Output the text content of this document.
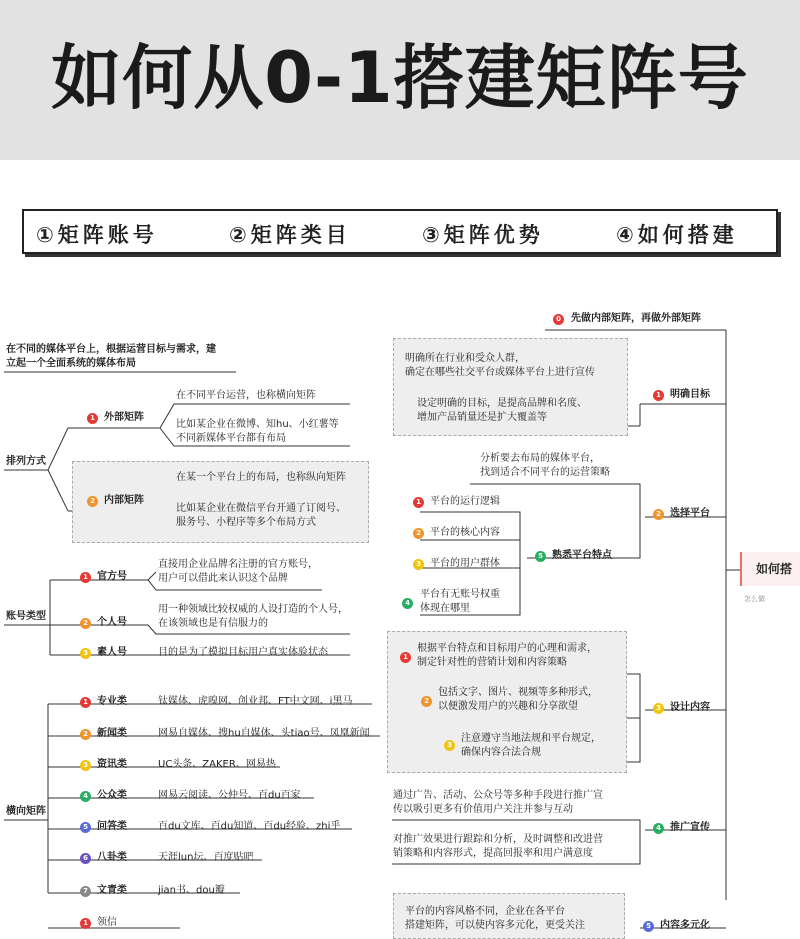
如何从0-1搭建矩阵号
①矩阵账号	②矩阵类目	③矩阵优势	④如何搭建
在不同的媒体平台上，根据运营目标与需求，建
立起一个全面系统的媒体布局
排列方式
1 外部矩阵
在不同平台运营，也称横向矩阵
比如某企业在微博、知hu、小红薯等
不同新媒体平台都有布局
2 内部矩阵
在某一个平台上的布局，也称纵向矩阵
比如某企业在微信平台开通了订阅号、
服务号、小程序等多个布局方式
账号类型
1 官方号
直接用企业品牌名注册的官方账号，
用户可以借此来认识这个品牌
2 个人号
用一种领域比较权威的人设打造的个人号，
在该领域也是有信服力的
3 素人号	目的是为了模拟目标用户真实体验状态
横向矩阵
1 专业类	钛媒体、虎嗅网、创业邦、FT中文网、i黑马
2 新闻类	网易自媒体、搜hu自媒体、头tiao号、凤凰新闻
3 资讯类	UC头条、ZAKER、网易热
4 公众类	网易云阅读、公仲号、百du百家
5 问答类	百du文库、百du知道、百du经验、zhi乎
6 八卦类	天涯lun坛、百度贴吧
7 文青类	jian书、dou瓣
1 领信
0	先做内部矩阵，再做外部矩阵
明确所在行业和受众人群，
确定在哪些社交平台或媒体平台上进行宣传
设定明确的目标，是提高品牌和名度、
增加产品销量还是扩大覆盖等
1 明确目标
分析要去布局的媒体平台，
找到适合不同平台的运营策略
2 选择平台
5 熟悉平台特点
1 平台的运行逻辑
2 平台的核心内容
3 平台的用户群体
4
平台有无账号权重
体现在哪里
1
根据平台特点和目标用户的心理和需求，
制定针对性的营销计划和内容策略
2
包括文字、图片、视频等多种形式，
以便激发用户的兴趣和分享欲望
3
注意遵守当地法规和平台规定，
确保内容合法合规
3 设计内容
通过广告、活动、公众号等多种手段进行推广宣
传以吸引更多有价值用户关注并参与互动
对推广效果进行跟踪和分析，及时调整和改进营
销策略和内容形式，提高回报率和用户满意度
4 推广宣传
平台的内容风格不同，企业在各平台
搭建矩阵，可以使内容多元化，更受关注	5 内容多元化
如何搭
怎么做
